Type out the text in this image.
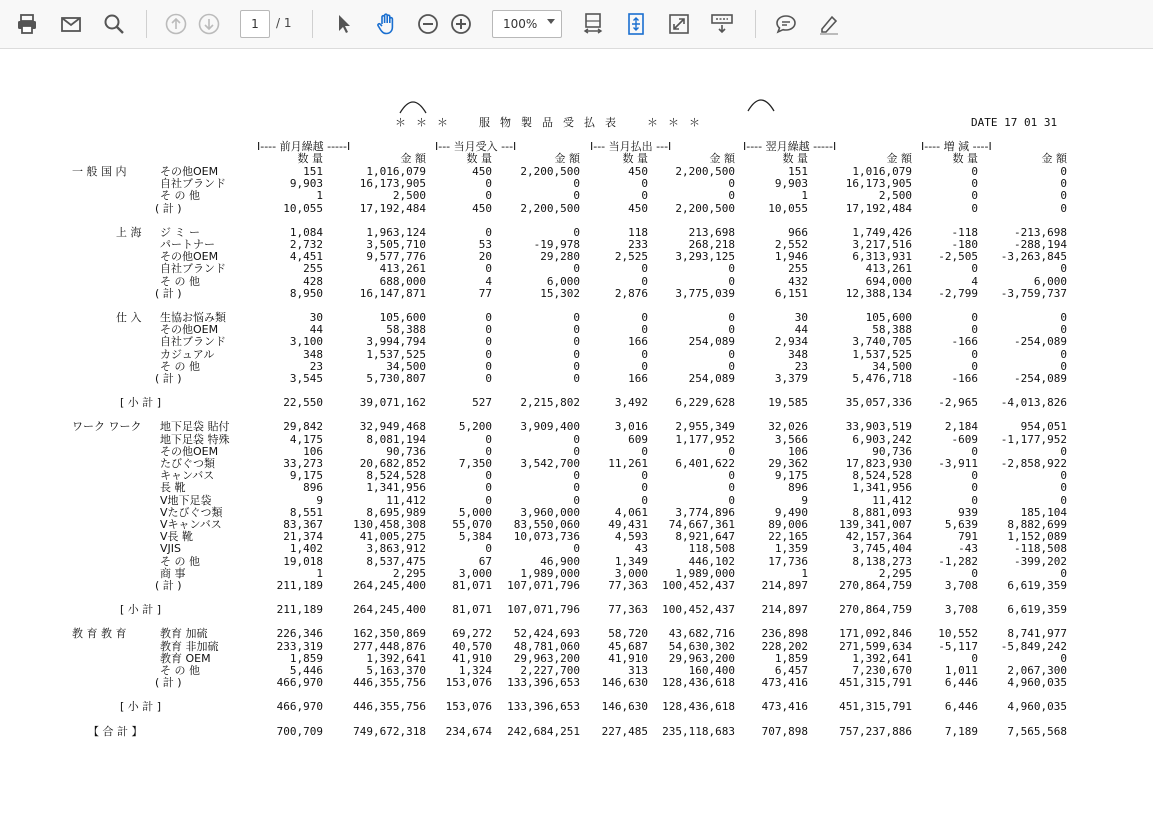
1	/ 1	100%
＊＊＊　服物製品受払表　＊＊＊	DATE 17 01 31
I---- 前月繰越 -----I	I--- 当月受入 ---I	I--- 当月払出 ---I	I---- 翌月繰越 -----I	I---- 増 減 ----I
数 量	金 額	数 量	金 額	数 量	金 額	数 量	金 額	数 量	金 額
一 般 国 内	その他OEM	151	1,016,079	450	2,200,500	450	2,200,500	151	1,016,079	0	0
自社ブランド	9,903	16,173,905	0	0	0	0	9,903	16,173,905	0	0
そ の 他	1	2,500	0	0	0	0	1	2,500	0	0
( 計 )	10,055	17,192,484	450	2,200,500	450	2,200,500	10,055	17,192,484	0	0
上 海 ジ ミ ー	1,084	1,963,124	0	0	118	213,698	966	1,749,426	-118	-213,698
パートナー	2,732	3,505,710	53	-19,978	233	268,218	2,552	3,217,516	-180	-288,194
その他OEM	4,451	9,577,776	20	29,280	2,525	3,293,125	1,946	6,313,931	-2,505	-3,263,845
自社ブランド	255	413,261	0	0	0	0	255	413,261	0	0
そ の 他	428	688,000	4	6,000	0	0	432	694,000	4	6,000
( 計 )	8,950	16,147,871	77	15,302	2,876	3,775,039	6,151	12,388,134	-2,799	-3,759,737
仕 入 生協お悩み類	30	105,600	0	0	0	0	30	105,600	0	0
その他OEM	44	58,388	0	0	0	0	44	58,388	0	0
自社ブランド	3,100	3,994,794	0	0	166	254,089	2,934	3,740,705	-166	-254,089
カジュアル	348	1,537,525	0	0	0	0	348	1,537,525	0	0
そ の 他	23	34,500	0	0	0	0	23	34,500	0	0
( 計 )	3,545	5,730,807	0	0	166	254,089	3,379	5,476,718	-166	-254,089
[ 小 計 ]	22,550	39,071,162	527	2,215,802	3,492	6,229,628	19,585	35,057,336	-2,965	-4,013,826
ワーク ワーク 地下足袋 貼付	29,842	32,949,468	5,200	3,909,400	3,016	2,955,349	32,026	33,903,519	2,184	954,051
地下足袋 特殊	4,175	8,081,194	0	0	609	1,177,952	3,566	6,903,242	-609	-1,177,952
その他OEM	106	90,736	0	0	0	0	106	90,736	0	0
たびぐつ類	33,273	20,682,852	7,350	3,542,700	11,261	6,401,622	29,362	17,823,930	-3,911	-2,858,922
キャンバス	9,175	8,524,528	0	0	0	0	9,175	8,524,528	0	0
長 靴	896	1,341,956	0	0	0	0	896	1,341,956	0	0
V地下足袋	9	11,412	0	0	0	0	9	11,412	0	0
Vたびぐつ類	8,551	8,695,989	5,000	3,960,000	4,061	3,774,896	9,490	8,881,093	939	185,104
Vキャンバス	83,367	130,458,308	55,070	83,550,060	49,431	74,667,361	89,006	139,341,007	5,639	8,882,699
V長 靴	21,374	41,005,275	5,384	10,073,736	4,593	8,921,647	22,165	42,157,364	791	1,152,089
VJIS	1,402	3,863,912	0	0	43	118,508	1,359	3,745,404	-43	-118,508
そ の 他	19,018	8,537,475	67	46,900	1,349	446,102	17,736	8,138,273	-1,282	-399,202
商 事	1	2,295	3,000	1,989,000	3,000	1,989,000	1	2,295	0	0
( 計 )	211,189	264,245,400	81,071	107,071,796	77,363	100,452,437	214,897	270,864,759	3,708	6,619,359
[ 小 計 ]	211,189	264,245,400	81,071	107,071,796	77,363	100,452,437	214,897	270,864,759	3,708	6,619,359
教 育 教 育	教育 加硫	226,346	162,350,869	69,272	52,424,693	58,720	43,682,716	236,898	171,092,846	10,552	8,741,977
教育 非加硫	233,319	277,448,876	40,570	48,781,060	45,687	54,630,302	228,202	271,599,634	-5,117	-5,849,242
教育 OEM	1,859	1,392,641	41,910	29,963,200	41,910	29,963,200	1,859	1,392,641	0	0
そ の 他	5,446	5,163,370	1,324	2,227,700	313	160,400	6,457	7,230,670	1,011	2,067,300
( 計 )	466,970	446,355,756	153,076	133,396,653	146,630	128,436,618	473,416	451,315,791	6,446	4,960,035
[ 小 計 ]	466,970	446,355,756	153,076	133,396,653	146,630	128,436,618	473,416	451,315,791	6,446	4,960,035
【 合 計 】	700,709	749,672,318	234,674	242,684,251	227,485	235,118,683	707,898	757,237,886	7,189	7,565,568
